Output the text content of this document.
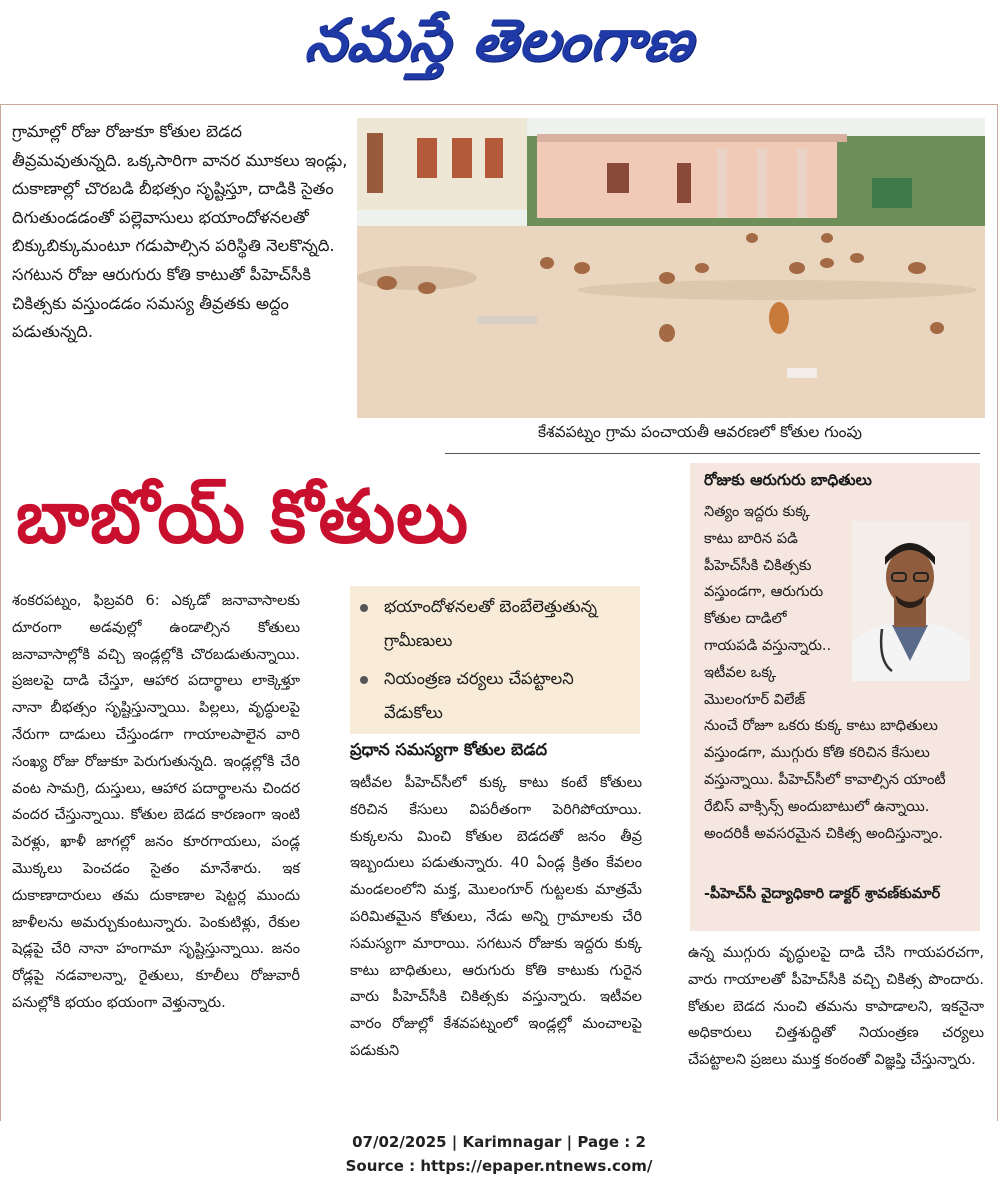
నమస్తే తెలంగాణ
గ్రామాల్లో రోజు రోజుకూ కోతుల బెడద తీవ్రమవుతున్నది. ఒక్కసారిగా వానర మూకలు ఇండ్లు, దుకాణాల్లో చొరబడి బీభత్సం సృష్టిస్తూ, దాడికి సైతం దిగుతుండడంతో పల్లెవాసులు భయాందోళనలతో బిక్కుబిక్కుమంటూ గడుపాల్సిన పరిస్థితి నెలకొన్నది. సగటున రోజు ఆరుగురు కోతి కాటుతో పీహెచ్‌సీకి చికిత్సకు వస్తుండడం సమస్య తీవ్రతకు అద్దం పడుతున్నది.
కేశవపట్నం గ్రామ పంచాయతీ ఆవరణలో కోతుల గుంపు
బాబోయ్ కోతులు
శంకరపట్నం, ఫిబ్రవరి 6: ఎక్కడో జనావాసాలకు దూరంగా అడవుల్లో ఉండాల్సిన కోతులు జనావాసాల్లోకి వచ్చి ఇండ్లల్లోకి చొరబడుతున్నాయి. ప్రజలపై దాడి చేస్తూ, ఆహార పదార్థాలు లాక్కెళ్తూ నానా బీభత్సం సృష్టిస్తున్నాయి. పిల్లలు, వృద్ధులపై నేరుగా దాడులు చేస్తుండగా గాయాలపాలైన వారి సంఖ్య రోజు రోజుకూ పెరుగుతున్నది. ఇండ్లల్లోకి చేరి వంట సామగ్రి, దుస్తులు, ఆహార పదార్థాలను చిందర వందర చేస్తున్నాయి. కోతుల బెడద కారణంగా ఇంటి పెరళ్లు, ఖాళీ జాగల్లో జనం కూరగాయలు, పండ్ల మొక్కలు పెంచడం సైతం మానేశారు. ఇక దుకాణాదారులు తమ దుకాణాల షెట్టర్ల ముందు జాళీలను అమర్చుకుంటున్నారు. పెంకుటిళ్లు, రేకుల షెడ్లపై చేరి నానా హంగామా సృష్టిస్తున్నాయి. జనం రోడ్లపై నడవాలన్నా, రైతులు, కూలీలు రోజువారీ పనుల్లోకి భయం భయంగా వెళ్తున్నారు.
భయాందోళనలతో బెంబేలెత్తుతున్న గ్రామీణులు
నియంత్రణ చర్యలు చేపట్టాలని వేడుకోలు
ప్రధాన సమస్యగా కోతుల బెడద
ఇటీవల పీహెచ్‌సీలో కుక్క కాటు కంటే కోతులు కరిచిన కేసులు విపరీతంగా పెరిగిపోయాయి. కుక్కలను మించి కోతుల బెడదతో జనం తీవ్ర ఇబ్బందులు పడుతున్నారు. 40 ఏండ్ల క్రితం కేవలం మండలంలోని మక్త, మొలంగూర్ గుట్టలకు మాత్రమే పరిమితమైన కోతులు, నేడు అన్ని గ్రామాలకు చేరి సమస్యగా మారాయి. సగటున రోజుకు ఇద్దరు కుక్క కాటు బాధితులు, ఆరుగురు కోతి కాటుకు గురైన వారు పీహెచ్‌సీకి చికిత్సకు వస్తున్నారు. ఇటీవల వారం రోజుల్లో కేశవపట్నంలో ఇండ్లల్లో మంచాలపై పడుకుని
రోజుకు ఆరుగురు బాధితులు
నిత్యం ఇద్దరు కుక్క కాటు బారిన పడి పీహెచ్‌సీకి చికిత్సకు వస్తుండగా, ఆరుగురు కోతుల దాడిలో గాయపడి వస్తున్నారు.. ఇటీవల ఒక్క మొలంగూర్ విలేజ్ నుంచే రోజూ ఒకరు కుక్క కాటు బాధితులు వస్తుండగా, ముగ్గురు కోతి కరిచిన కేసులు వస్తున్నాయి. పీహెచ్‌సీలో కావాల్సిన యాంటీ రేబిస్ వాక్సిన్స్ అందుబాటులో ఉన్నాయి. అందరికీ అవసరమైన చికిత్స అందిస్తున్నాం.
-పీహెచ్‌సీ వైద్యాధికారి డాక్టర్ శ్రావణ్‌కుమార్
ఉన్న ముగ్గురు వృద్ధులపై దాడి చేసి గాయపరచగా, వారు గాయాలతో పీహెచ్‌సీకి వచ్చి చికిత్స పొందారు. కోతుల బెడద నుంచి తమను కాపాడాలని, ఇకనైనా అధికారులు చిత్తశుద్ధితో నియంత్రణ చర్యలు చేపట్టాలని ప్రజలు ముక్త కంఠంతో విజ్ఞప్తి చేస్తున్నారు.
07/02/2025 | Karimnagar | Page : 2
Source : https://epaper.ntnews.com/
